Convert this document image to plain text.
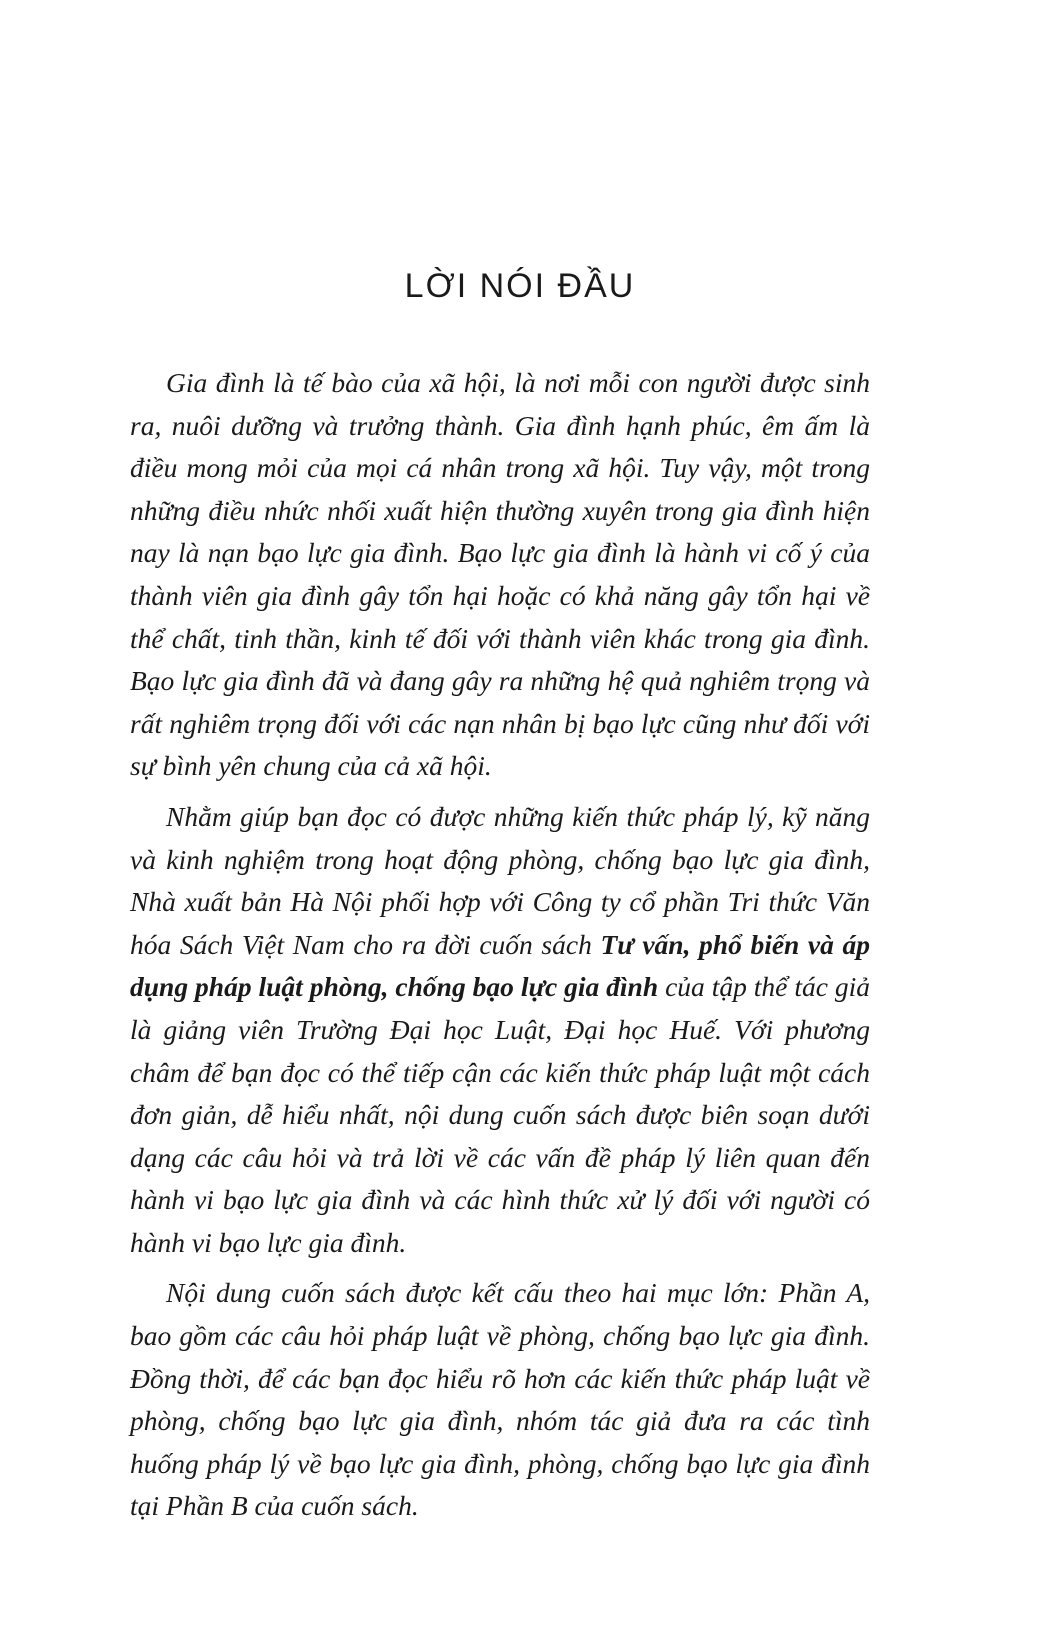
LỜI NÓI ĐẦU

Gia đình là tế bào của xã hội, là nơi mỗi con người được sinh ra, nuôi dưỡng và trưởng thành. Gia đình hạnh phúc, êm ấm là điều mong mỏi của mọi cá nhân trong xã hội. Tuy vậy, một trong những điều nhức nhối xuất hiện thường xuyên trong gia đình hiện nay là nạn bạo lực gia đình. Bạo lực gia đình là hành vi cố ý của thành viên gia đình gây tổn hại hoặc có khả năng gây tổn hại về thể chất, tinh thần, kinh tế đối với thành viên khác trong gia đình. Bạo lực gia đình đã và đang gây ra những hệ quả nghiêm trọng và rất nghiêm trọng đối với các nạn nhân bị bạo lực cũng như đối với sự bình yên chung của cả xã hội.

Nhằm giúp bạn đọc có được những kiến thức pháp lý, kỹ năng và kinh nghiệm trong hoạt động phòng, chống bạo lực gia đình, Nhà xuất bản Hà Nội phối hợp với Công ty cổ phần Tri thức Văn hóa Sách Việt Nam cho ra đời cuốn sách Tư vấn, phổ biến và áp dụng pháp luật phòng, chống bạo lực gia đình của tập thể tác giả là giảng viên Trường Đại học Luật, Đại học Huế. Với phương châm để bạn đọc có thể tiếp cận các kiến thức pháp luật một cách đơn giản, dễ hiểu nhất, nội dung cuốn sách được biên soạn dưới dạng các câu hỏi và trả lời về các vấn đề pháp lý liên quan đến hành vi bạo lực gia đình và các hình thức xử lý đối với người có hành vi bạo lực gia đình.

Nội dung cuốn sách được kết cấu theo hai mục lớn: Phần A, bao gồm các câu hỏi pháp luật về phòng, chống bạo lực gia đình. Đồng thời, để các bạn đọc hiểu rõ hơn các kiến thức pháp luật về phòng, chống bạo lực gia đình, nhóm tác giả đưa ra các tình huống pháp lý về bạo lực gia đình, phòng, chống bạo lực gia đình tại Phần B của cuốn sách.
